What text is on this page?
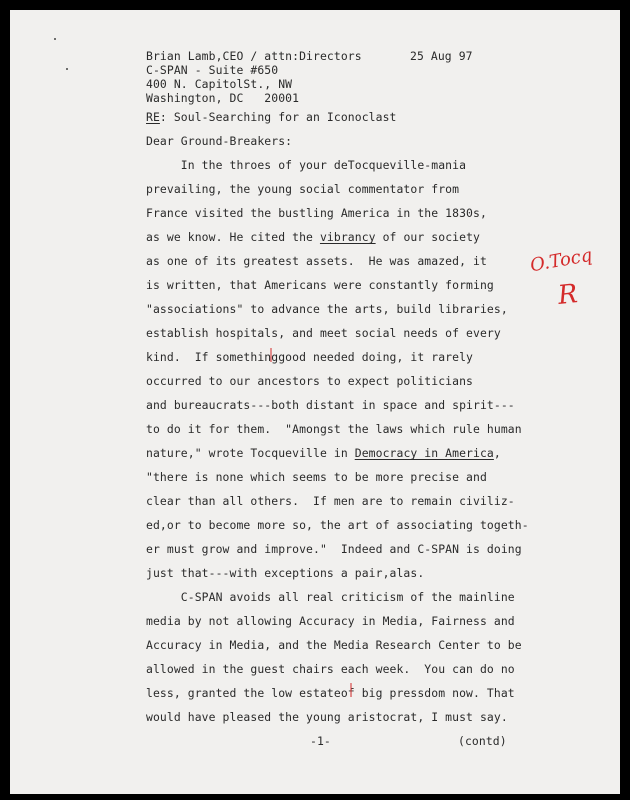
Brian Lamb,CEO / attn:Directors	25 Aug 97
C-SPAN - Suite #650
400 N. CapitolSt., NW
Washington, DC   20001
RE: Soul-Searching for an Iconoclast
Dear Ground-Breakers:
In the throes of your deTocqueville-mania
prevailing, the young social commentator from
France visited the bustling America in the 1830s,
as we know. He cited the vibrancy of our society
as one of its greatest assets.  He was amazed, it
is written, that Americans were constantly forming
"associations" to advance the arts, build libraries,
establish hospitals, and meet social needs of every
kind.  If somethinggood needed doing, it rarely
occurred to our ancestors to expect politicians
and bureaucrats---both distant in space and spirit---
to do it for them.  "Amongst the laws which rule human
nature," wrote Tocqueville in Democracy in America,
"there is none which seems to be more precise and
clear than all others.  If men are to remain civiliz-
ed,or to become more so, the art of associating togeth-
er must grow and improve."  Indeed and C-SPAN is doing
just that---with exceptions a pair,alas.
C-SPAN avoids all real criticism of the mainline
media by not allowing Accuracy in Media, Fairness and
Accuracy in Media, and the Media Research Center to be
allowed in the guest chairs each week.  You can do no
less, granted the low estateof big pressdom now. That
would have pleased the young aristocrat, I must say.
-1-	(contd)
O.Tocq
R
